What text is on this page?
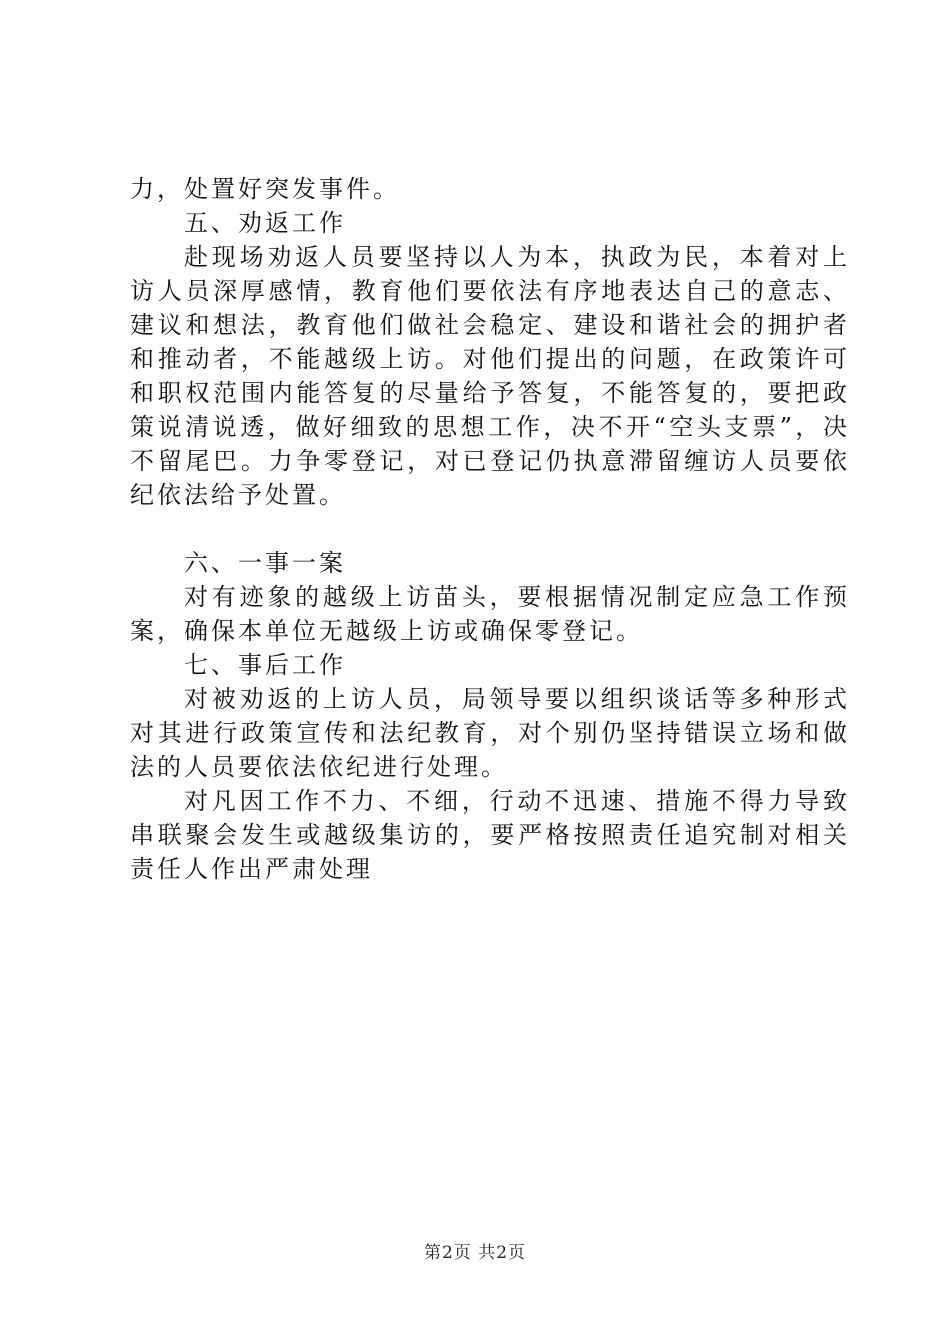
力，处置好突发事件。

五、劝返工作

赴现场劝返人员要坚持以人为本，执政为民，本着对上访人员深厚感情，教育他们要依法有序地表达自己的意志、建议和想法，教育他们做社会稳定、建设和谐社会的拥护者和推动者，不能越级上访。对他们提出的问题，在政策许可和职权范围内能答复的尽量给予答复，不能答复的，要把政策说清说透，做好细致的思想工作，决不开“空头支票”，决不留尾巴。力争零登记，对已登记仍执意滞留缠访人员要依纪依法给予处置。

六、一事一案

对有迹象的越级上访苗头，要根据情况制定应急工作预案，确保本单位无越级上访或确保零登记。

七、事后工作

对被劝返的上访人员，局领导要以组织谈话等多种形式对其进行政策宣传和法纪教育，对个别仍坚持错误立场和做法的人员要依法依纪进行处理。

对凡因工作不力、不细，行动不迅速、措施不得力导致串联聚会发生或越级集访的，要严格按照责任追究制对相关责任人作出严肃处理

第2页 共2页
